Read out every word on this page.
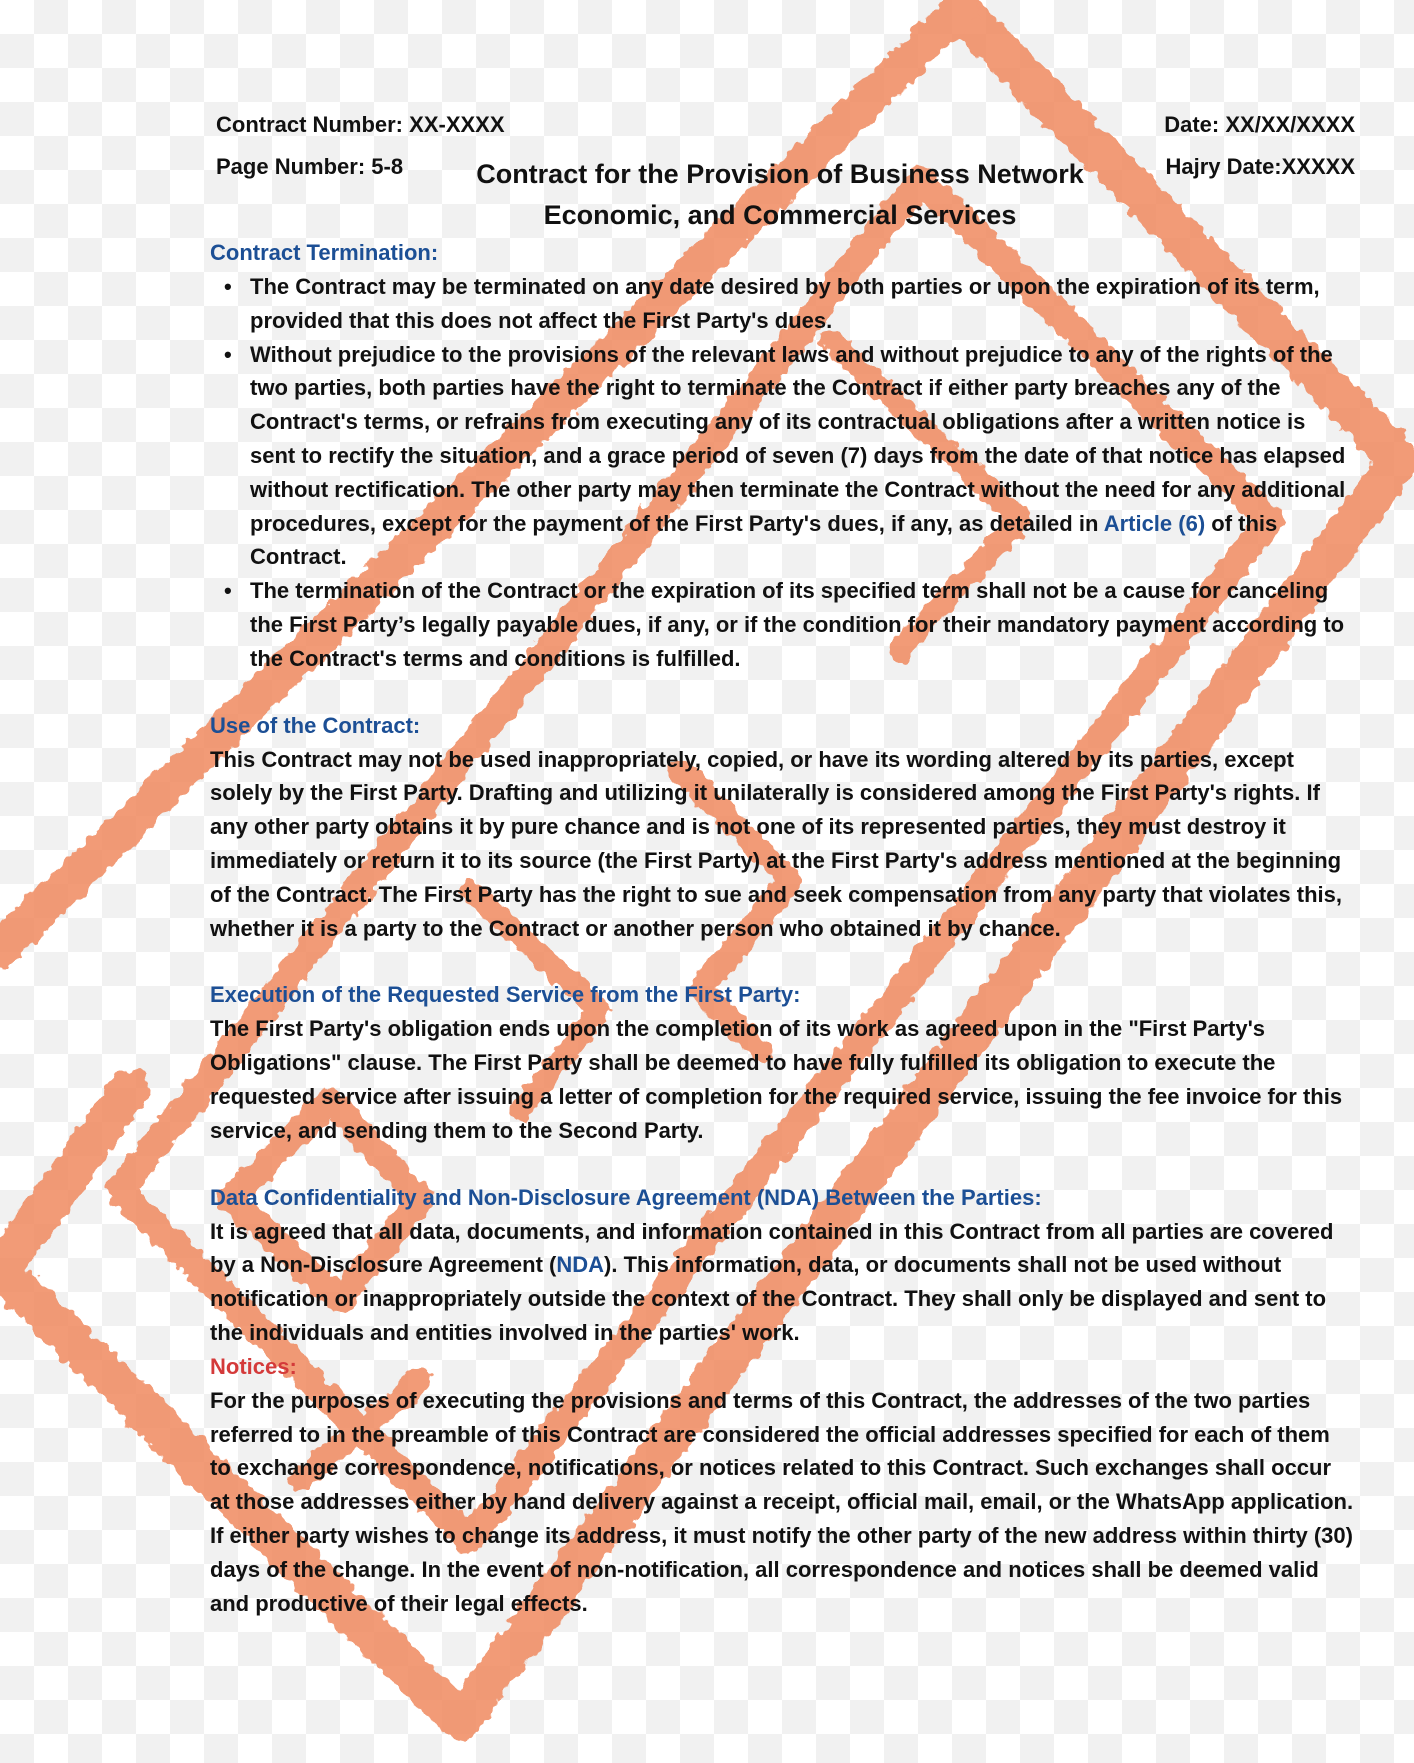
Contract Number: XX-XXXX
Page Number: 5-8
Date: XX/XX/XXXX
Hajry Date:XXXXX
Contract for the Provision of Business Network
Economic, and Commercial Services
Contract Termination:
• The Contract may be terminated on any date desired by both parties or upon the expiration of its term, provided that this does not affect the First Party's dues.
• Without prejudice to the provisions of the relevant laws and without prejudice to any of the rights of the two parties, both parties have the right to terminate the Contract if either party breaches any of the Contract's terms, or refrains from executing any of its contractual obligations after a written notice is sent to rectify the situation, and a grace period of seven (7) days from the date of that notice has elapsed without rectification. The other party may then terminate the Contract without the need for any additional procedures, except for the payment of the First Party's dues, if any, as detailed in Article (6) of this Contract.
• The termination of the Contract or the expiration of its specified term shall not be a cause for canceling the First Party’s legally payable dues, if any, or if the condition for their mandatory payment according to the Contract's terms and conditions is fulfilled.
Use of the Contract:

This Contract may not be used inappropriately, copied, or have its wording altered by its parties, except solely by the First Party. Drafting and utilizing it unilaterally is considered among the First Party's rights. If any other party obtains it by pure chance and is not one of its represented parties, they must destroy it immediately or return it to its source (the First Party) at the First Party's address mentioned at the beginning of the Contract. The First Party has the right to sue and seek compensation from any party that violates this, whether it is a party to the Contract or another person who obtained it by chance.

Execution of the Requested Service from the First Party:

The First Party's obligation ends upon the completion of its work as agreed upon in the "First Party's Obligations" clause. The First Party shall be deemed to have fully fulfilled its obligation to execute the requested service after issuing a letter of completion for the required service, issuing the fee invoice for this service, and sending them to the Second Party.

Data Confidentiality and Non-Disclosure Agreement (NDA) Between the Parties:

It is agreed that all data, documents, and information contained in this Contract from all parties are covered by a Non-Disclosure Agreement (NDA). This information, data, or documents shall not be used without notification or inappropriately outside the context of the Contract. They shall only be displayed and sent to the individuals and entities involved in the parties' work.

Notices:

For the purposes of executing the provisions and terms of this Contract, the addresses of the two parties referred to in the preamble of this Contract are considered the official addresses specified for each of them to exchange correspondence, notifications, or notices related to this Contract. Such exchanges shall occur at those addresses either by hand delivery against a receipt, official mail, email, or the WhatsApp application. If either party wishes to change its address, it must notify the other party of the new address within thirty (30) days of the change. In the event of non-notification, all correspondence and notices shall be deemed valid and productive of their legal effects.
